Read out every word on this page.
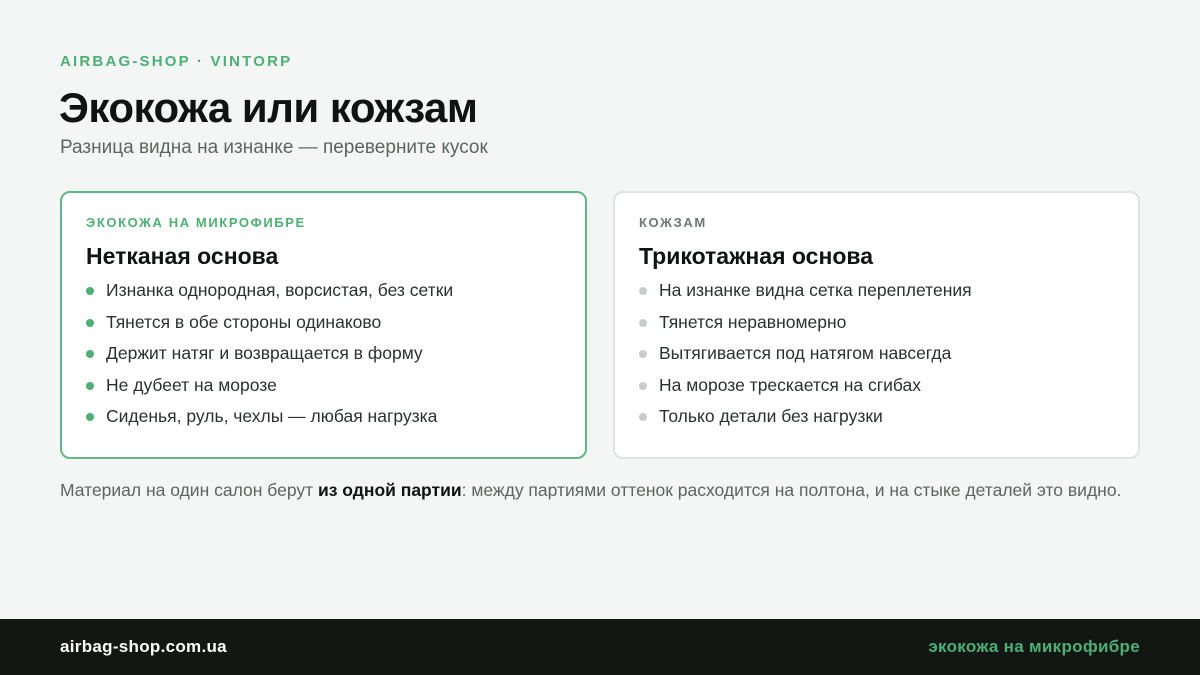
AIRBAG-SHOP · VINTORP
Экокожа или кожзам
Разница видна на изнанке — переверните кусок
ЭКОКОЖА НА МИКРОФИБРЕ
Нетканая основа
Изнанка однородная, ворсистая, без сетки
Тянется в обе стороны одинаково
Держит натяг и возвращается в форму
Не дубеет на морозе
Сиденья, руль, чехлы — любая нагрузка
КОЖЗАМ
Трикотажная основа
На изнанке видна сетка переплетения
Тянется неравномерно
Вытягивается под натягом навсегда
На морозе трескается на сгибах
Только детали без нагрузки
Материал на один салон берут из одной партии: между партиями оттенок расходится на полтона, и на стыке деталей это видно.
airbag-shop.com.ua	экокожа на микрофибре
